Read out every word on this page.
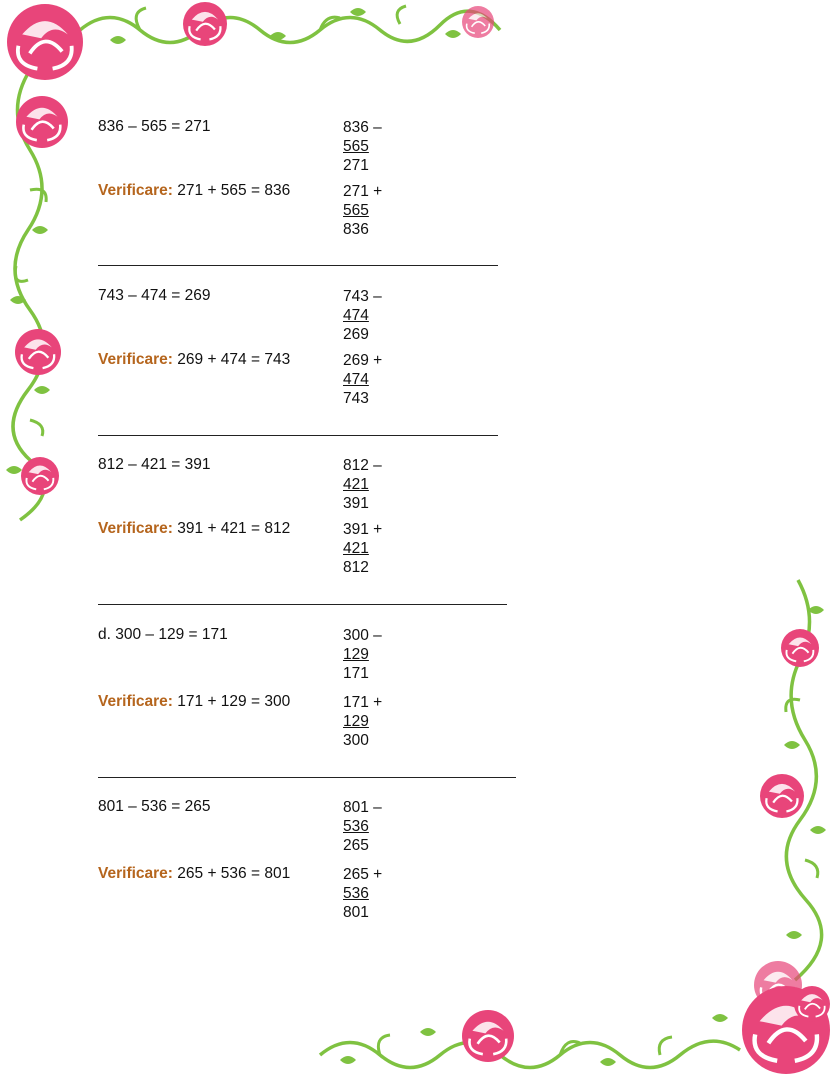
836 – 565 = 271	836 –
565
271
Verificare: 271 + 565 = 836	271 +
565
836
743 – 474 = 269	743 –
474
269
Verificare: 269 + 474 = 743	269 +
474
743
812 – 421 = 391	812 –
421
391
Verificare: 391 + 421 = 812	391 +
421
812
d. 300 – 129 = 171	300 –
129
171
Verificare: 171 + 129 = 300	171 +
129
300
801 – 536 = 265	801 –
536
265
Verificare: 265 + 536 = 801	265 +
536
801
